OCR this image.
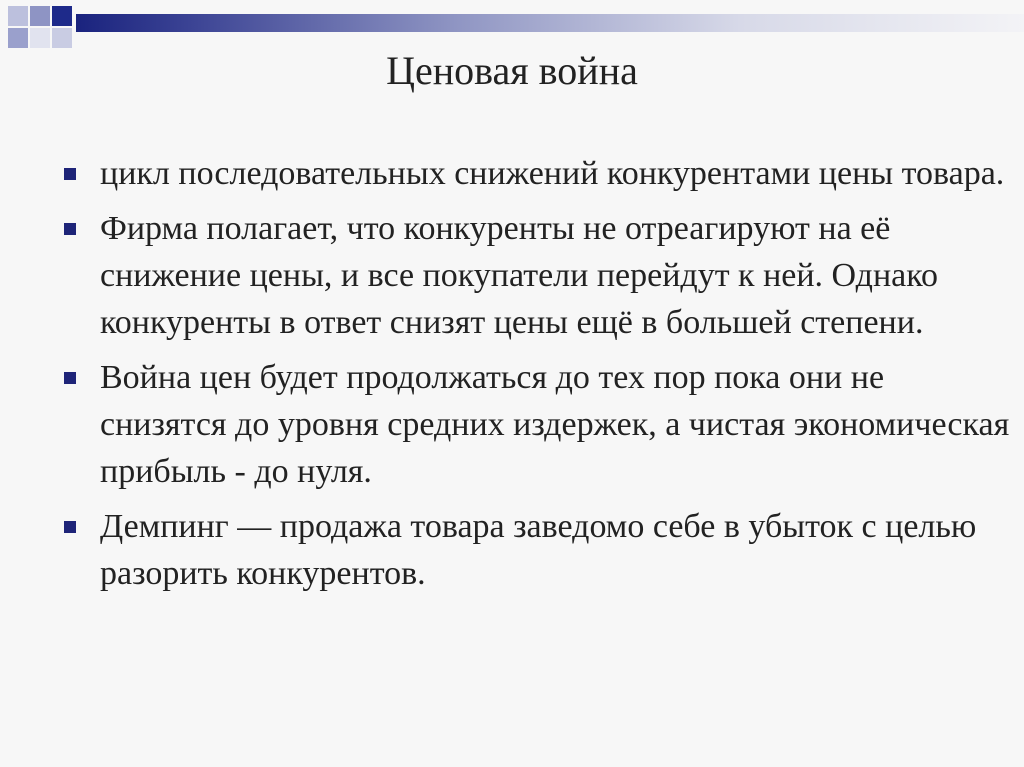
Ценовая война
цикл последовательных снижений конкурентами цены товара.
Фирма полагает, что конкуренты не отреагируют на её снижение цены, и все покупатели перейдут к ней. Однако конкуренты в ответ снизят цены ещё в большей степени.
Война цен будет продолжаться до тех пор пока они не снизятся до уровня средних издержек, а чистая экономическая прибыль - до нуля.
Демпинг — продажа товара заведомо себе в убыток с целью разорить конкурентов.
